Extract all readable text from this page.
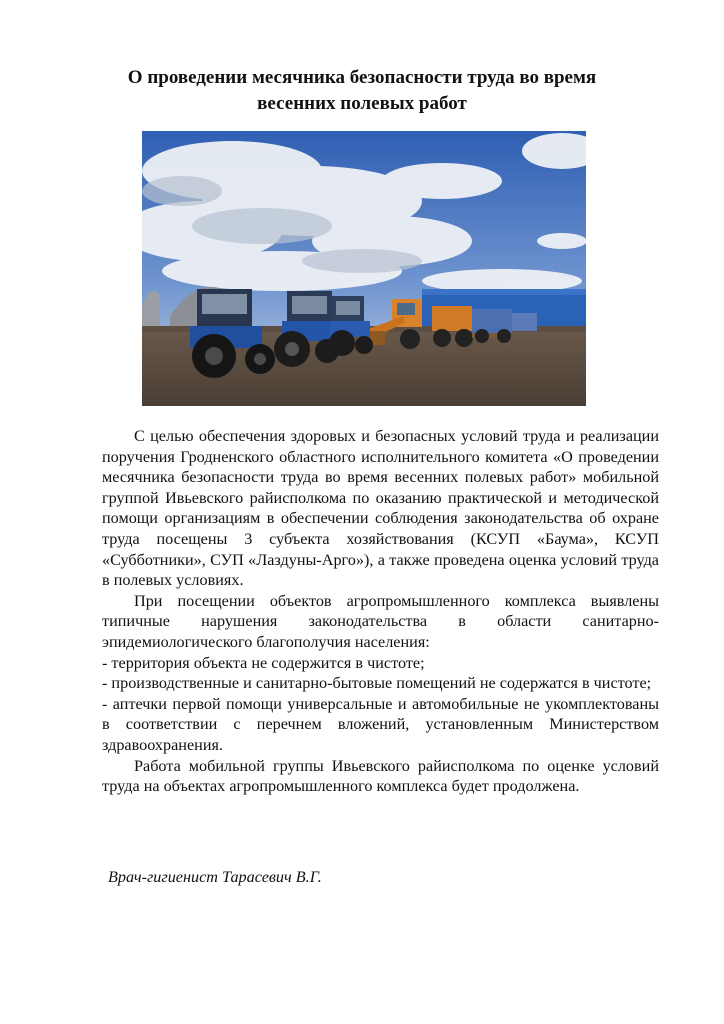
О проведении месячника безопасности труда во время
весенних полевых работ

С целью обеспечения здоровых и безопасных условий труда и реализации поручения Гродненского областного исполнительного комитета «О проведении месячника безопасности труда во время весенних полевых работ» мобильной группой Ивьевского райисполкома по оказанию практической и методической помощи организациям в обеспечении соблюдения законодательства об охране труда посещены 3 субъекта хозяйствования (КСУП «Баума», КСУП «Субботники», СУП «Лаздуны-Арго»), а также проведена оценка условий труда в полевых условиях.

При посещении объектов агропромышленного комплекса выявлены типичные нарушения законодательства в области санитарно-эпидемиологического благополучия населения:

- территория объекта не содержится в чистоте;

- производственные и санитарно-бытовые помещений не содержатся в чистоте;

- аптечки первой помощи универсальные и автомобильные не укомплектованы в соответствии с перечнем вложений, установленным Министерством здравоохранения.

Работа мобильной группы Ивьевского райисполкома по оценке условий труда на объектах агропромышленного комплекса будет продолжена.

Врач-гигиенист Тарасевич В.Г.
